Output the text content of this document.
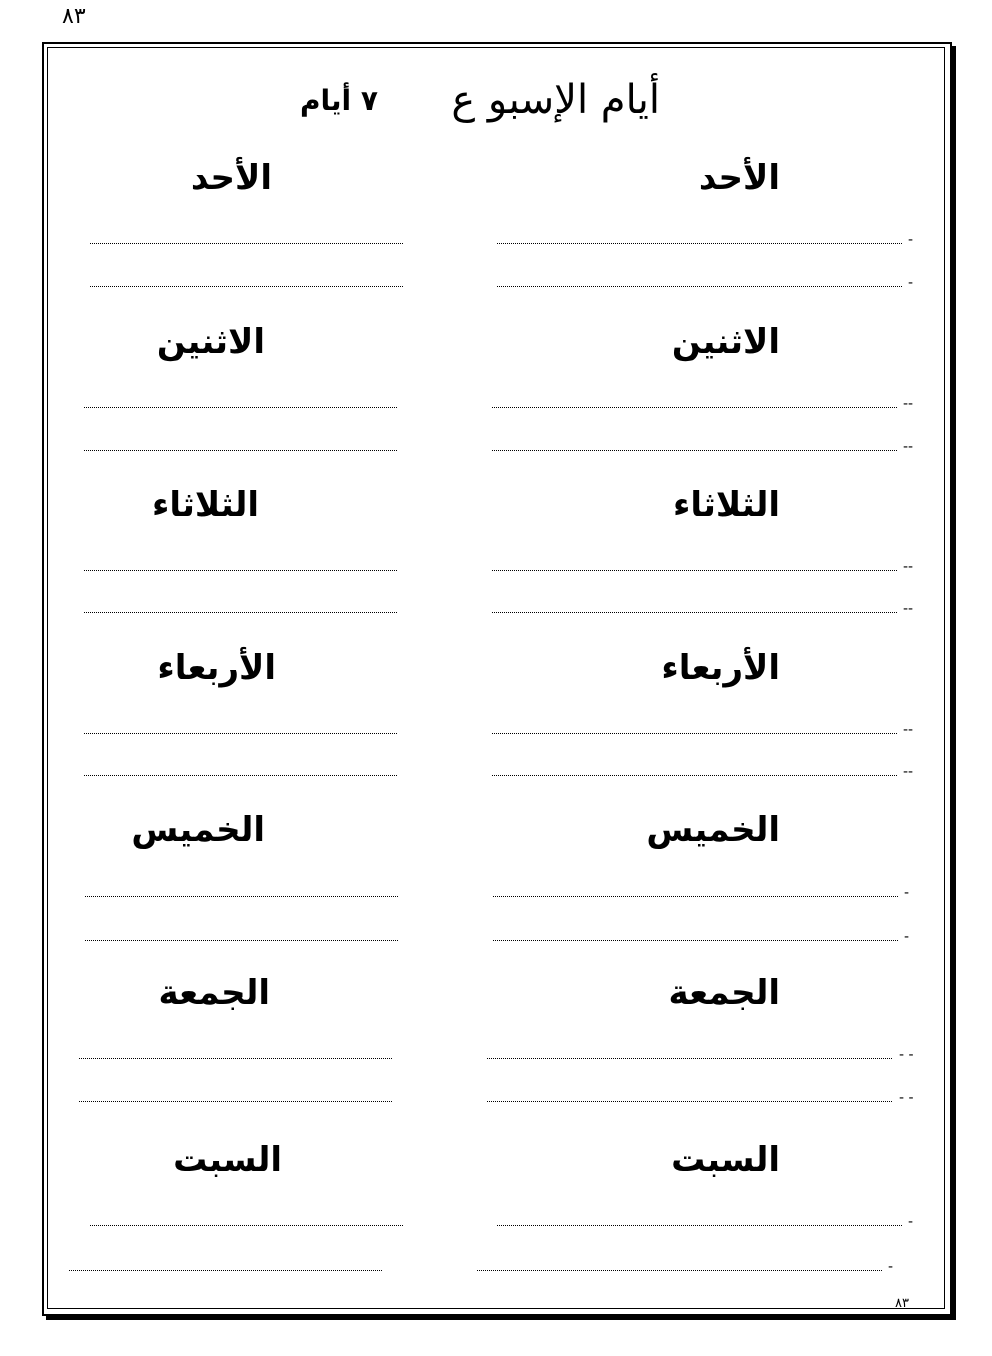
٨٣
أيام الإسبو ع
٧ أيام
الأحد
الأحد
-
-
الاثنين
الاثنين
--
--
الثلاثاء
الثلاثاء
--
--
الأربعاء
الأربعاء
--
--
الخميس
الخميس
-
-
الجمعة
الجمعة
- -
- -
السبت
السبت
-
-
٨٣
